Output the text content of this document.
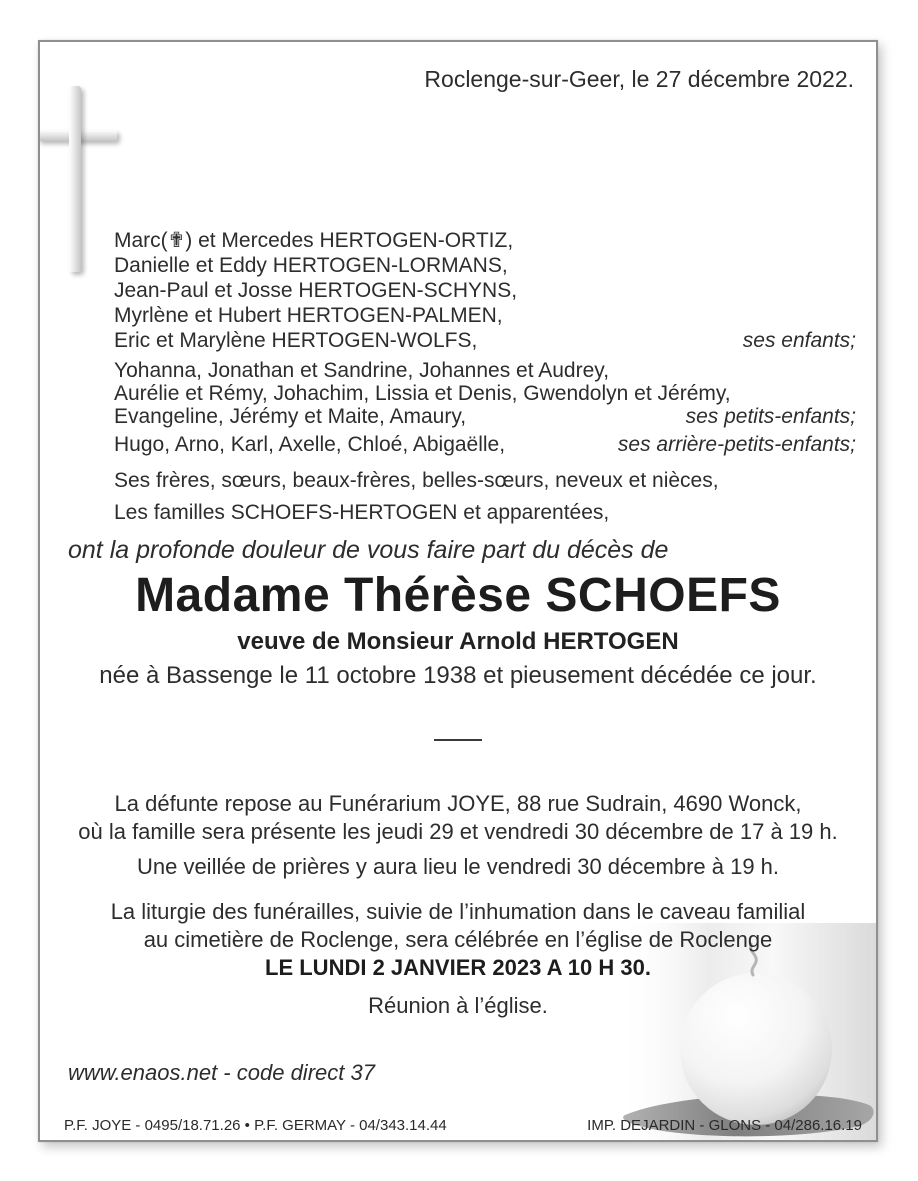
Roclenge-sur-Geer, le 27 décembre 2022.
Marc(✟) et Mercedes HERTOGEN-ORTIZ,
Danielle et Eddy HERTOGEN-LORMANS,
Jean-Paul et Josse HERTOGEN-SCHYNS,
Myrlène et Hubert HERTOGEN-PALMEN,
Eric et Marylène HERTOGEN-WOLFS,	ses enfants;
Yohanna, Jonathan et Sandrine, Johannes et Audrey,
Aurélie et Rémy, Johachim, Lissia et Denis, Gwendolyn et Jérémy,
Evangeline, Jérémy et Maite, Amaury,	ses petits-enfants;
Hugo, Arno, Karl, Axelle, Chloé, Abigaëlle,	ses arrière-petits-enfants;
Ses frères, sœurs, beaux-frères, belles-sœurs, neveux et nièces,
Les familles SCHOEFS-HERTOGEN et apparentées,
ont la profonde douleur de vous faire part du décès de
Madame Thérèse SCHOEFS
veuve de Monsieur Arnold HERTOGEN
née à Bassenge le 11 octobre 1938 et pieusement décédée ce jour.
La défunte repose au Funérarium JOYE, 88 rue Sudrain, 4690 Wonck,
où la famille sera présente les jeudi 29 et vendredi 30 décembre de 17 à 19 h.
Une veillée de prières y aura lieu le vendredi 30 décembre à 19 h.
La liturgie des funérailles, suivie de l’inhumation dans le caveau familial
au cimetière de Roclenge, sera célébrée en l’église de Roclenge
LE LUNDI 2 JANVIER 2023 A 10 H 30.
Réunion à l’église.
www.enaos.net - code direct 37
P.F. JOYE - 0495/18.71.26 • P.F. GERMAY - 04/343.14.44	IMP. DEJARDIN - GLONS - 04/286.16.19
